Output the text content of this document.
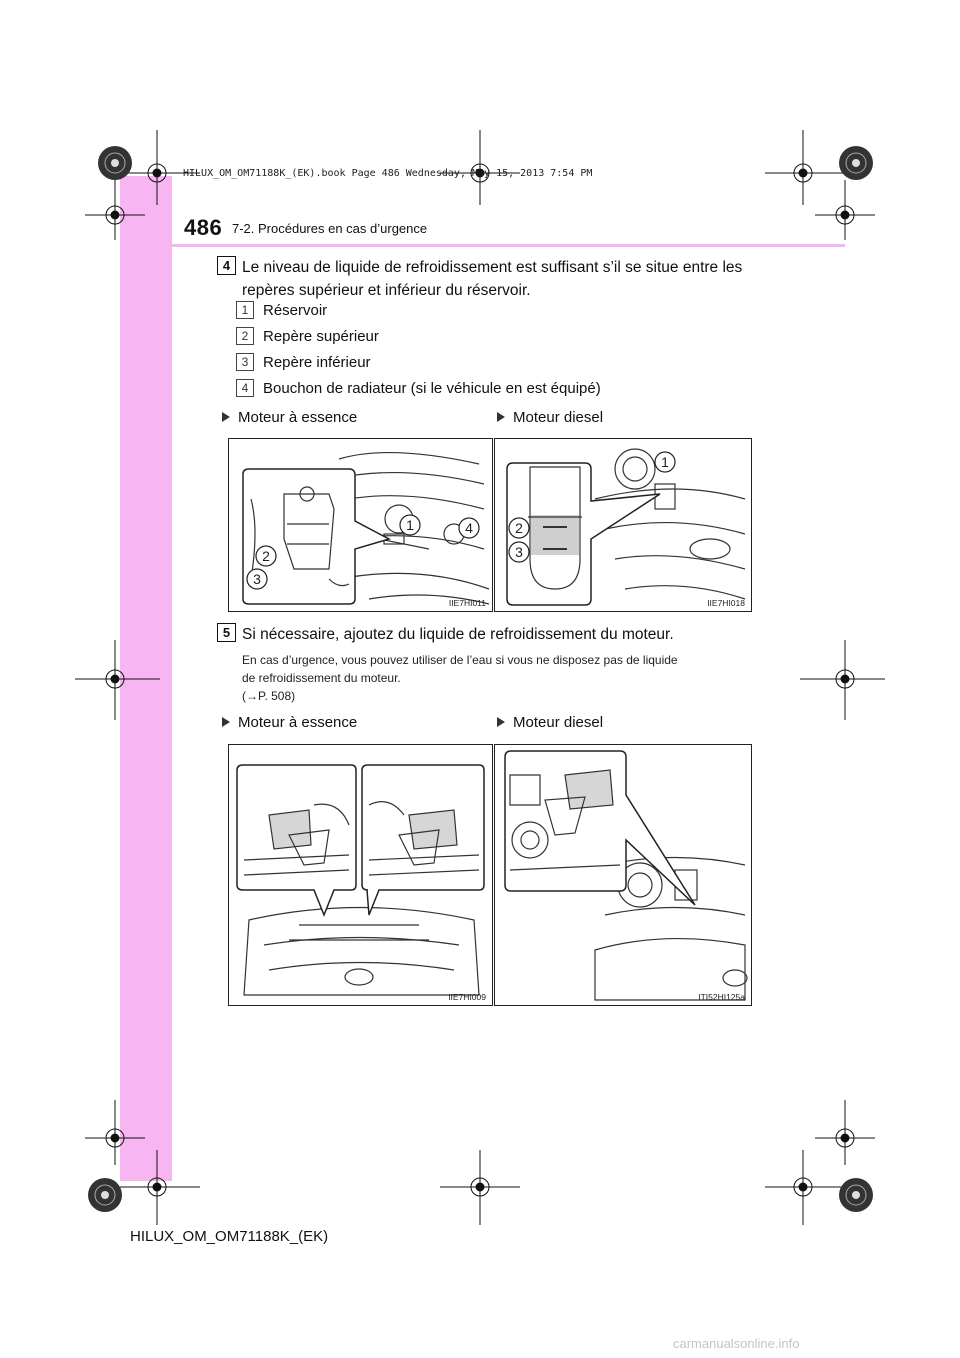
HILUX_OM_OM71188K_(EK).book Page 486 Wednesday, May 15, 2013 7:54 PM
486 7-2. Procédures en cas d’urgence
4 Le niveau de liquide de refroidissement est suffisant s’il se situe entre les
repères supérieur et inférieur du réservoir.
1 Réservoir
2 Repère supérieur
3 Repère inférieur
4 Bouchon de radiateur (si le véhicule en est équipé)
Moteur à essence	Moteur diesel
1	4
2
3
IIE7HI011
1
2
3
IIE7HI018
5 Si nécessaire, ajoutez du liquide de refroidissement du moteur.
En cas d’urgence, vous pouvez utiliser de l’eau si vous ne disposez pas de liquide
de refroidissement du moteur.
(→P. 508)
Moteur à essence	Moteur diesel
IIE7HI009	ITI52HI125a
HILUX_OM_OM71188K_(EK)
carmanualsonline.info
